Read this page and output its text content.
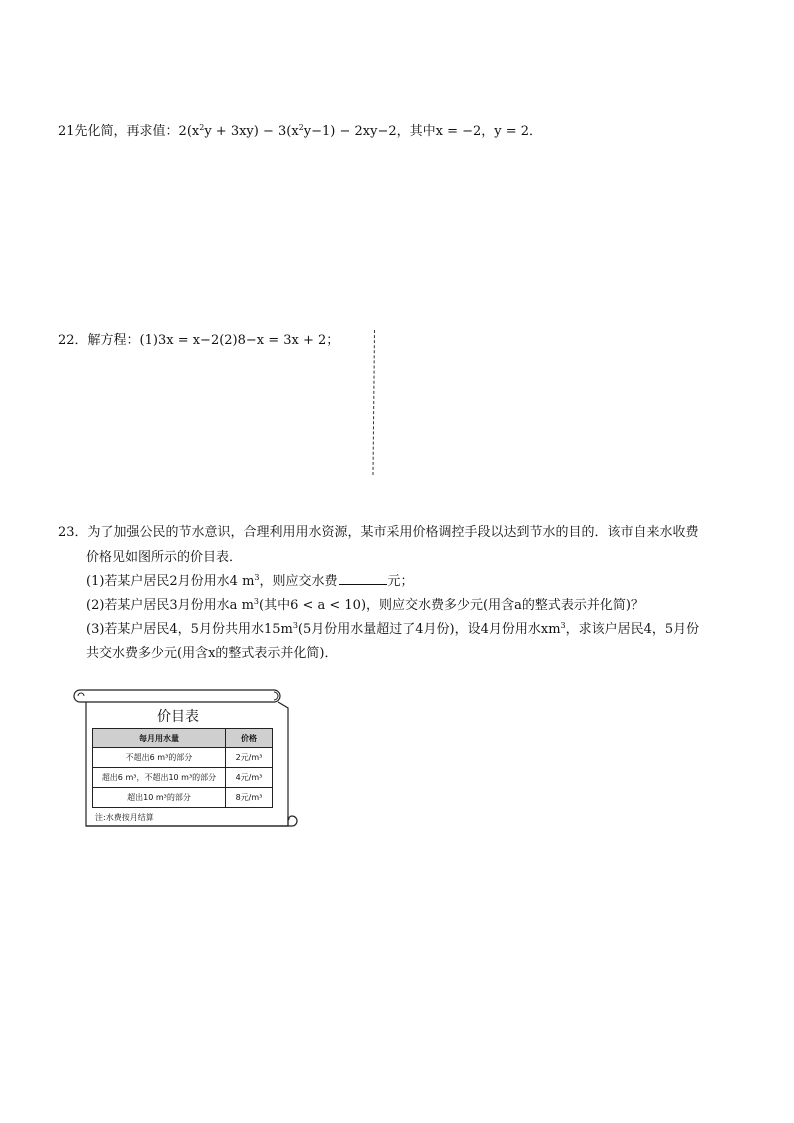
21先化简，再求值：$2(x^2y + 3xy) - 3(x^2y-1) - 2xy-2$，其中x = −2，y = 2．
22．解方程：(1)3x = x−2(2)8−x = 3x + 2；
23．为了加强公民的节水意识，合理利用用水资源，某市采用价格调控手段以达到节水的目的．该市自来水收费
价格见如图所示的价目表．
(1)若某户居民2月份用水4 $m^3$，则应交水费	元；
(2)若某户居民3月份用水a $m^3$(其中6 < a < 10)，则应交水费多少元(用含a的整式表示并化简)？
(3)若某户居民4，5月份共用水$15m^3(5$月份用水量超过了4月份)，设4月份用水$xm^3$，求该户居民4，5月份
共交水费多少元(用含x的整式表示并化简)．
价目表
每月用水量	价格
不超出6 m³的部分	2元/m³
超出6 m³，不超出10 m³的部分	4元/m³
超出10 m³的部分	8元/m³
注:水费按月结算
